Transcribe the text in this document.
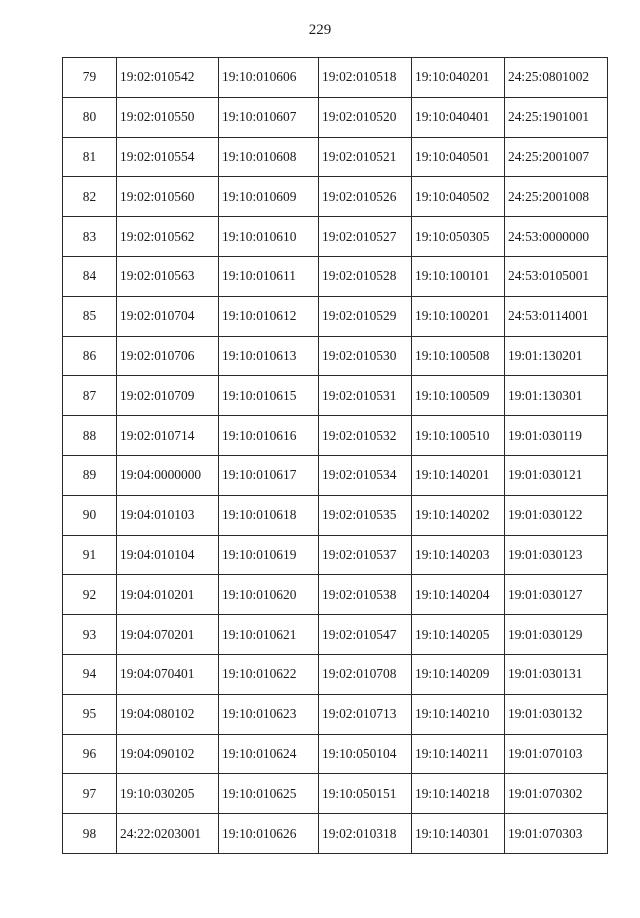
229
79	19:02:010542	19:10:010606	19:02:010518	19:10:040201	24:25:0801002
80	19:02:010550	19:10:010607	19:02:010520	19:10:040401	24:25:1901001
81	19:02:010554	19:10:010608	19:02:010521	19:10:040501	24:25:2001007
82	19:02:010560	19:10:010609	19:02:010526	19:10:040502	24:25:2001008
83	19:02:010562	19:10:010610	19:02:010527	19:10:050305	24:53:0000000
84	19:02:010563	19:10:010611	19:02:010528	19:10:100101	24:53:0105001
85	19:02:010704	19:10:010612	19:02:010529	19:10:100201	24:53:0114001
86	19:02:010706	19:10:010613	19:02:010530	19:10:100508	19:01:130201
87	19:02:010709	19:10:010615	19:02:010531	19:10:100509	19:01:130301
88	19:02:010714	19:10:010616	19:02:010532	19:10:100510	19:01:030119
89	19:04:0000000	19:10:010617	19:02:010534	19:10:140201	19:01:030121
90	19:04:010103	19:10:010618	19:02:010535	19:10:140202	19:01:030122
91	19:04:010104	19:10:010619	19:02:010537	19:10:140203	19:01:030123
92	19:04:010201	19:10:010620	19:02:010538	19:10:140204	19:01:030127
93	19:04:070201	19:10:010621	19:02:010547	19:10:140205	19:01:030129
94	19:04:070401	19:10:010622	19:02:010708	19:10:140209	19:01:030131
95	19:04:080102	19:10:010623	19:02:010713	19:10:140210	19:01:030132
96	19:04:090102	19:10:010624	19:10:050104	19:10:140211	19:01:070103
97	19:10:030205	19:10:010625	19:10:050151	19:10:140218	19:01:070302
98	24:22:0203001	19:10:010626	19:02:010318	19:10:140301	19:01:070303
